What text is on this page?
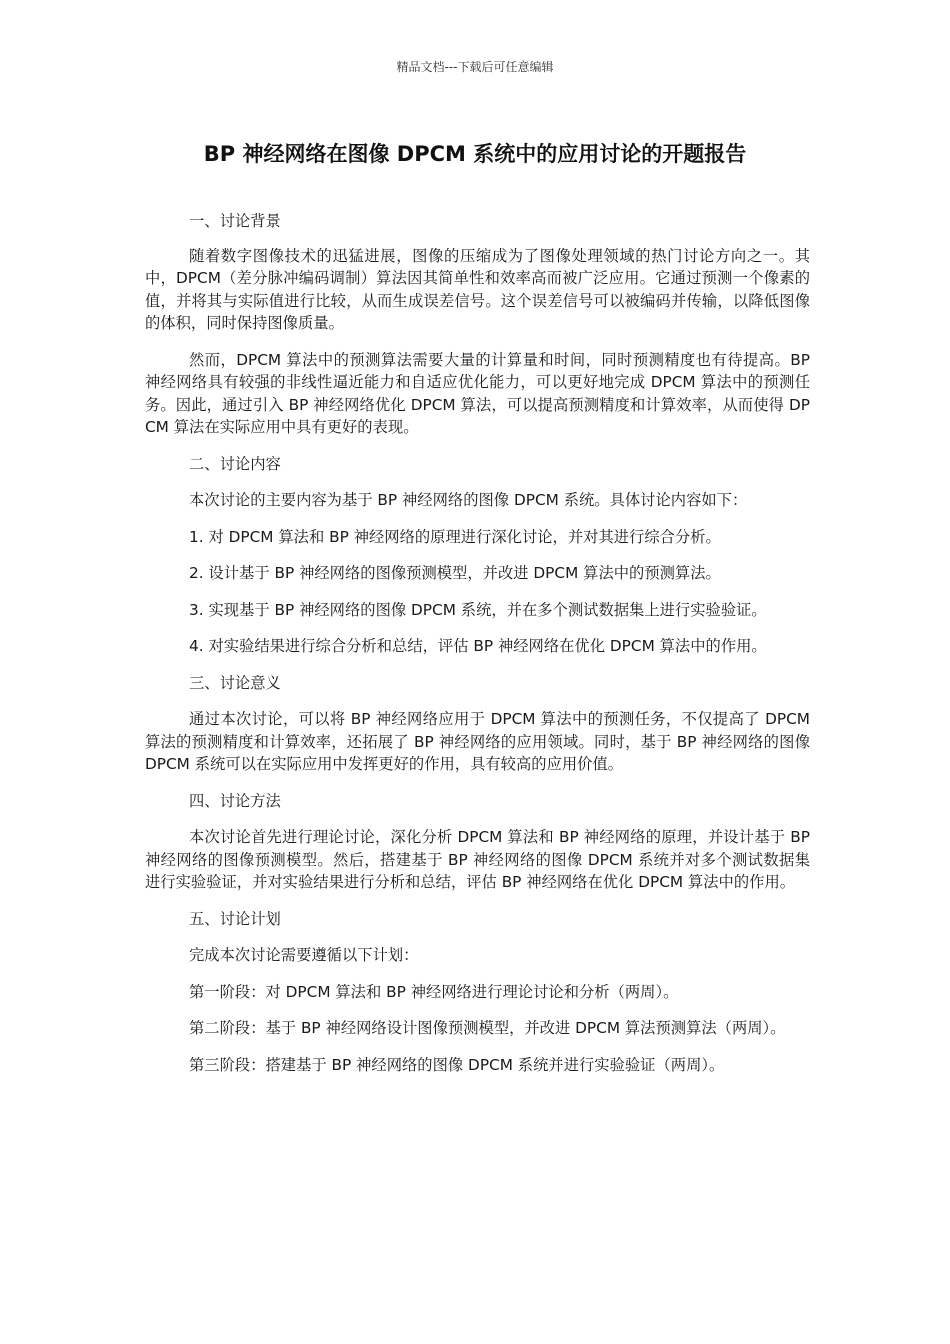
精品文档---下载后可任意编辑
BP 神经网络在图像 DPCM 系统中的应用讨论的开题报告

一、讨论背景

随着数字图像技术的迅猛进展，图像的压缩成为了图像处理领域的热门讨论方向之一。其中，DPCM（差分脉冲编码调制）算法因其简单性和效率高而被广泛应用。它通过预测一个像素的值，并将其与实际值进行比较，从而生成误差信号。这个误差信号可以被编码并传输，以降低图像的体积，同时保持图像质量。

然而，DPCM 算法中的预测算法需要大量的计算量和时间，同时预测精度也有待提高。BP 神经网络具有较强的非线性逼近能力和自适应优化能力，可以更好地完成 DPCM 算法中的预测任务。因此，通过引入 BP 神经网络优化 DPCM 算法，可以提高预测精度和计算效率，从而使得 DPCM 算法在实际应用中具有更好的表现。

二、讨论内容

本次讨论的主要内容为基于 BP 神经网络的图像 DPCM 系统。具体讨论内容如下：

1. 对 DPCM 算法和 BP 神经网络的原理进行深化讨论，并对其进行综合分析。

2. 设计基于 BP 神经网络的图像预测模型，并改进 DPCM 算法中的预测算法。

3. 实现基于 BP 神经网络的图像 DPCM 系统，并在多个测试数据集上进行实验验证。

4. 对实验结果进行综合分析和总结，评估 BP 神经网络在优化 DPCM 算法中的作用。

三、讨论意义

通过本次讨论，可以将 BP 神经网络应用于 DPCM 算法中的预测任务，不仅提高了 DPCM 算法的预测精度和计算效率，还拓展了 BP 神经网络的应用领域。同时，基于 BP 神经网络的图像 DPCM 系统可以在实际应用中发挥更好的作用，具有较高的应用价值。

四、讨论方法

本次讨论首先进行理论讨论，深化分析 DPCM 算法和 BP 神经网络的原理，并设计基于 BP 神经网络的图像预测模型。然后，搭建基于 BP 神经网络的图像 DPCM 系统并对多个测试数据集进行实验验证，并对实验结果进行分析和总结，评估 BP 神经网络在优化 DPCM 算法中的作用。

五、讨论计划

完成本次讨论需要遵循以下计划：

第一阶段：对 DPCM 算法和 BP 神经网络进行理论讨论和分析（两周）。

第二阶段：基于 BP 神经网络设计图像预测模型，并改进 DPCM 算法预测算法（两周）。

第三阶段：搭建基于 BP 神经网络的图像 DPCM 系统并进行实验验证（两周）。
